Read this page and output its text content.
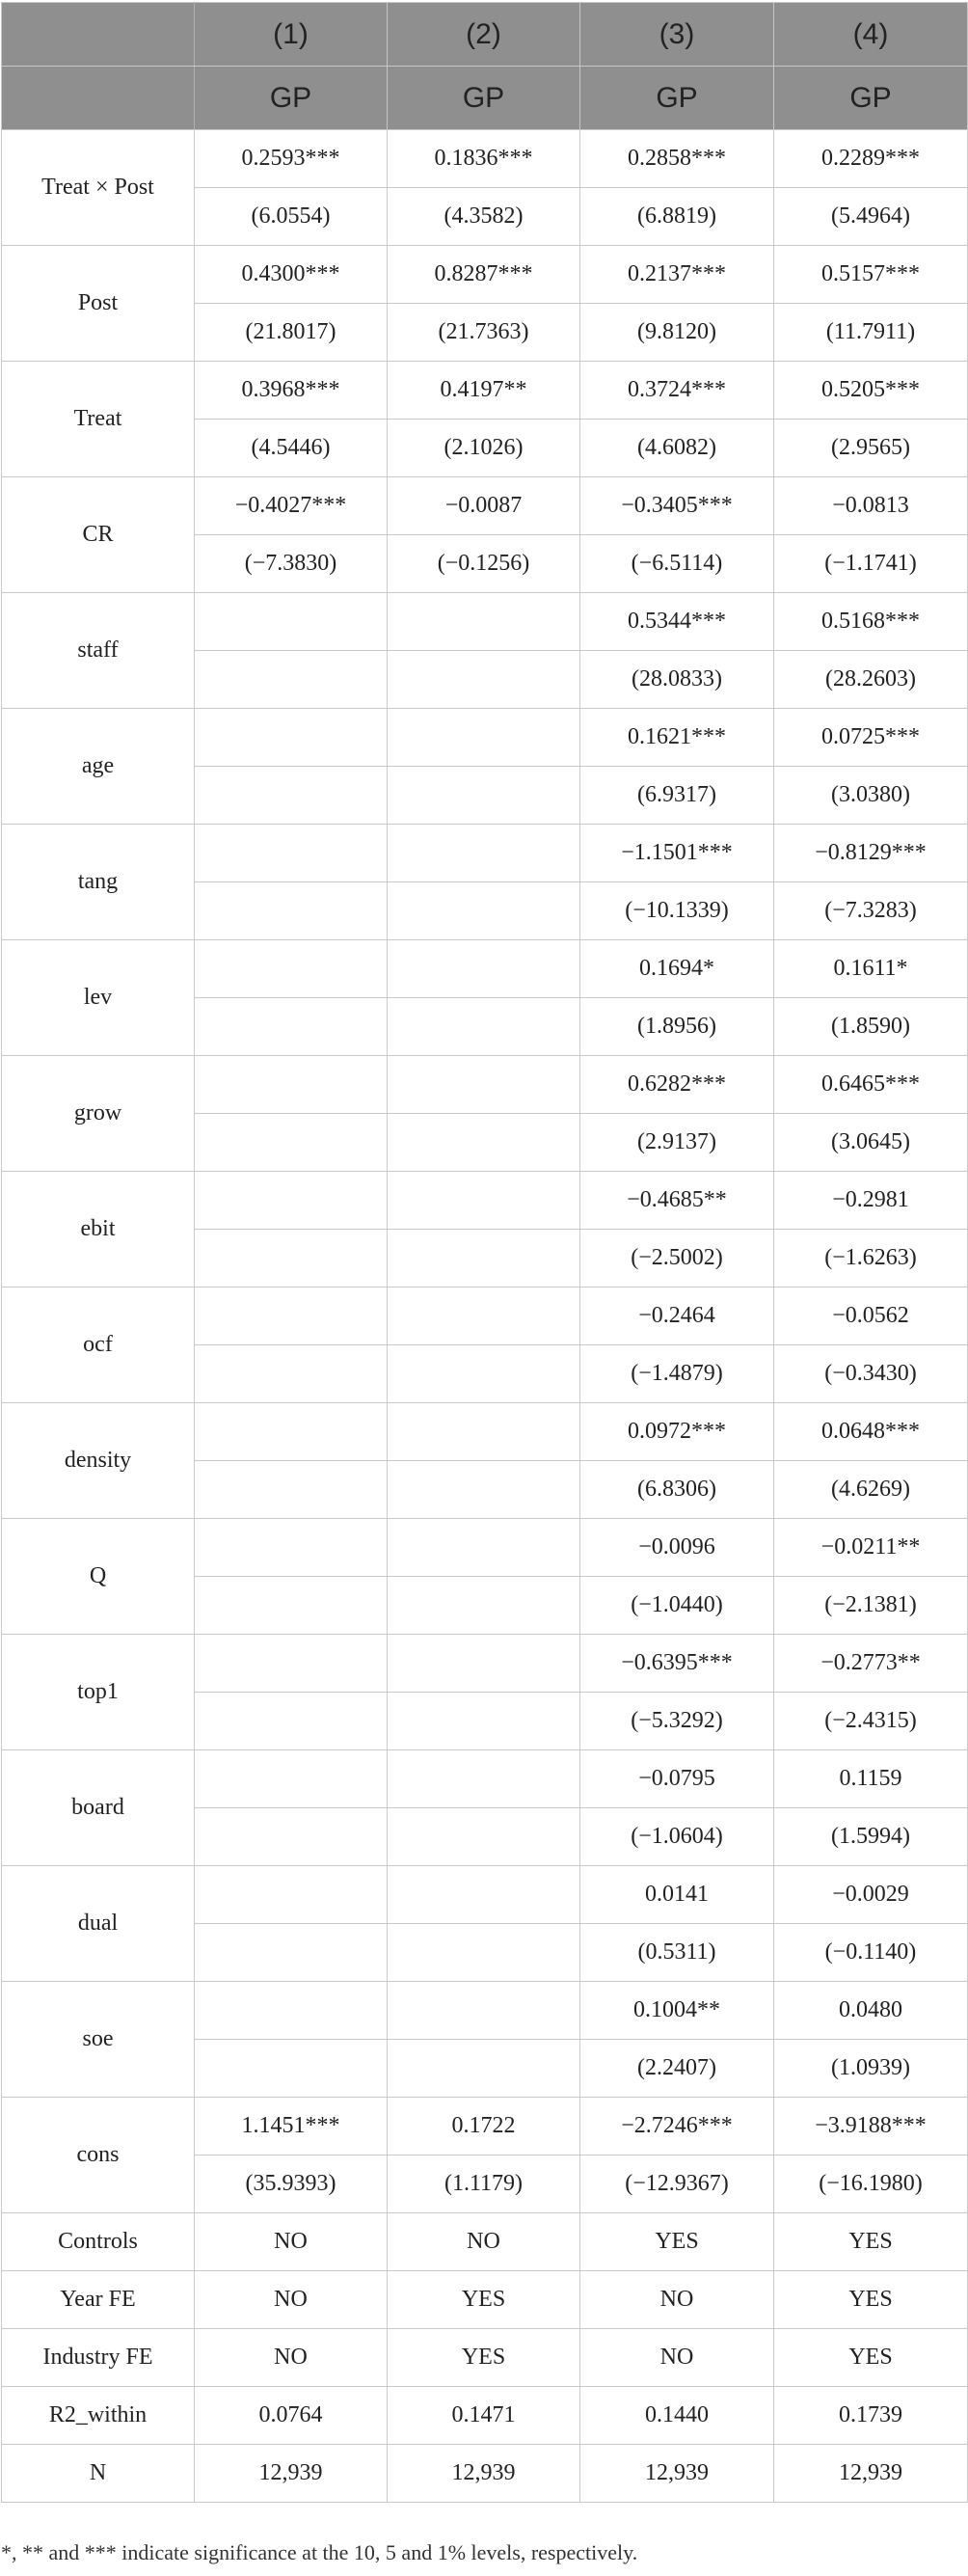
	(1)	(2)	(3)	(4)
	GP	GP	GP	GP
Treat × Post	0.2593***	0.1836***	0.2858***	0.2289***
	(6.0554)	(4.3582)	(6.8819)	(5.4964)
Post	0.4300***	0.8287***	0.2137***	0.5157***
	(21.8017)	(21.7363)	(9.8120)	(11.7911)
Treat	0.3968***	0.4197**	0.3724***	0.5205***
	(4.5446)	(2.1026)	(4.6082)	(2.9565)
CR	−0.4027***	−0.0087	−0.3405***	−0.0813
	(−7.3830)	(−0.1256)	(−6.5114)	(−1.1741)
staff			0.5344***	0.5168***
			(28.0833)	(28.2603)
age			0.1621***	0.0725***
			(6.9317)	(3.0380)
tang			−1.1501***	−0.8129***
			(−10.1339)	(−7.3283)
lev			0.1694*	0.1611*
			(1.8956)	(1.8590)
grow			0.6282***	0.6465***
			(2.9137)	(3.0645)
ebit			−0.4685**	−0.2981
			(−2.5002)	(−1.6263)
ocf			−0.2464	−0.0562
			(−1.4879)	(−0.3430)
density			0.0972***	0.0648***
			(6.8306)	(4.6269)
Q			−0.0096	−0.0211**
			(−1.0440)	(−2.1381)
top1			−0.6395***	−0.2773**
			(−5.3292)	(−2.4315)
board			−0.0795	0.1159
			(−1.0604)	(1.5994)
dual			0.0141	−0.0029
			(0.5311)	(−0.1140)
soe			0.1004**	0.0480
			(2.2407)	(1.0939)
cons	1.1451***	0.1722	−2.7246***	−3.9188***
	(35.9393)	(1.1179)	(−12.9367)	(−16.1980)
Controls	NO	NO	YES	YES
Year FE	NO	YES	NO	YES
Industry FE	NO	YES	NO	YES
R2_within	0.0764	0.1471	0.1440	0.1739
N	12,939	12,939	12,939	12,939
*, ** and *** indicate significance at the 10, 5 and 1% levels, respectively.
